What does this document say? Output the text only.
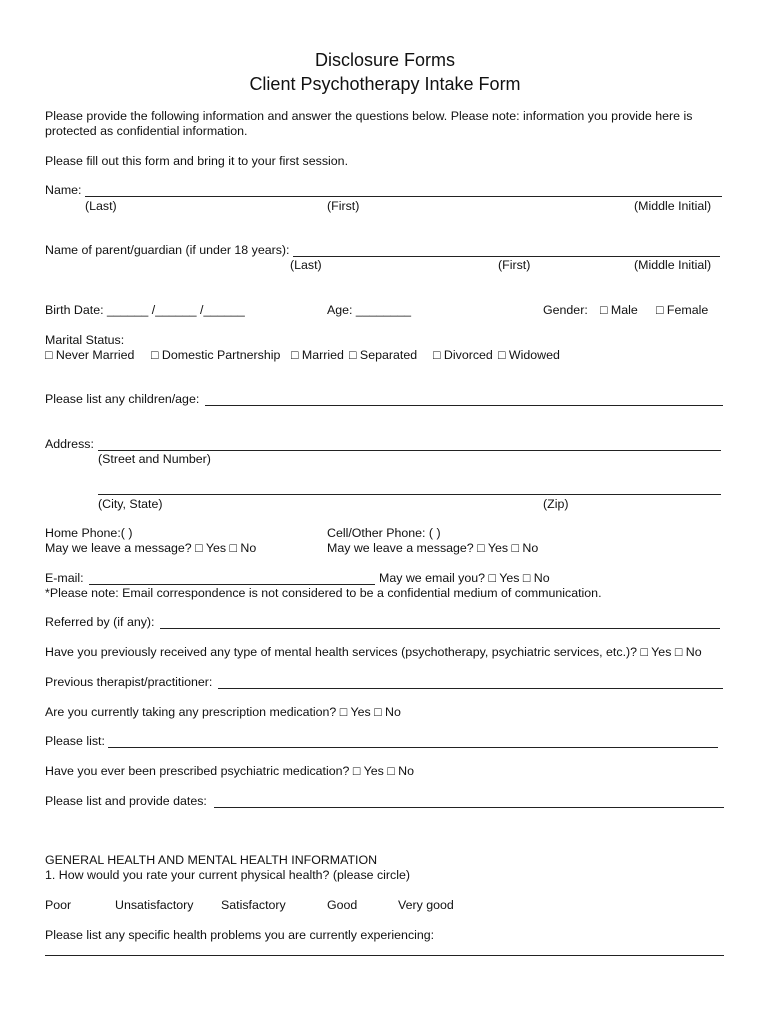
Disclosure Forms
Client Psychotherapy Intake Form
Please provide the following information and answer the questions below. Please note: information you provide here is protected as confidential information.
Please fill out this form and bring it to your first session.
Name:
(Last)	(First)	(Middle Initial)
Name of parent/guardian (if under 18 years):
(Last)	(First)	(Middle Initial)
Birth Date: ______ /______ /______	Age: ________	Gender: □ Male □ Female
Marital Status:
□ Never Married □ Domestic Partnership □ Married □ Separated □ Divorced □ Widowed
Please list any children/age:
Address:
(Street and Number)
(City, State)	(Zip)
Home Phone:( )
May we leave a message? □ Yes □ No
Cell/Other Phone: ( )
May we leave a message? □ Yes □ No
E-mail:	May we email you? □ Yes □ No
*Please note: Email correspondence is not considered to be a confidential medium of communication.
Referred by (if any):
Have you previously received any type of mental health services (psychotherapy, psychiatric services, etc.)? □ Yes □ No
Previous therapist/practitioner:
Are you currently taking any prescription medication? □ Yes □ No
Please list:
Have you ever been prescribed psychiatric medication? □ Yes □ No
Please list and provide dates:
GENERAL HEALTH AND MENTAL HEALTH INFORMATION
1. How would you rate your current physical health? (please circle)
Poor	Unsatisfactory Satisfactory	Good	Very good
Please list any specific health problems you are currently experiencing:
